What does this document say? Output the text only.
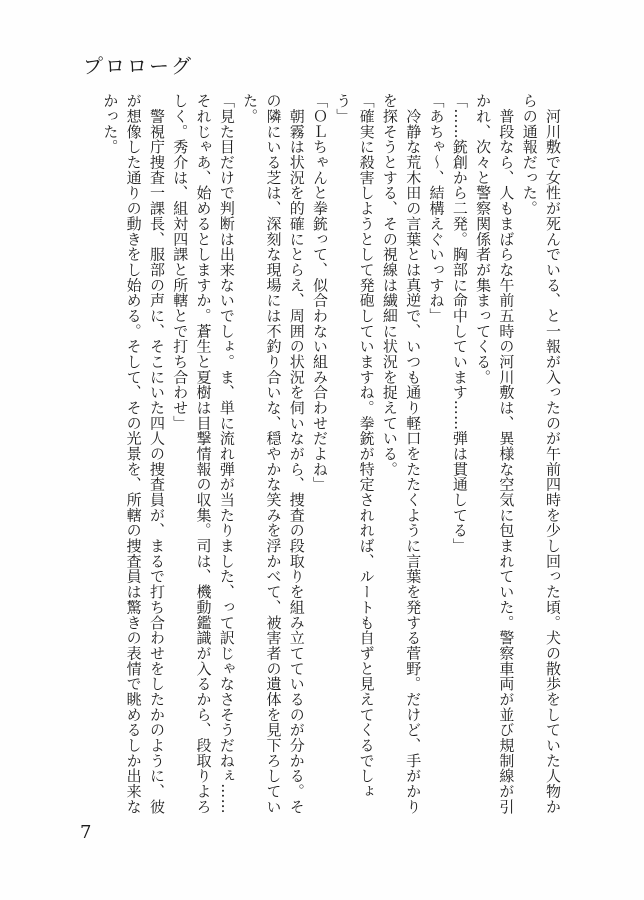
プロローグ

　河川敷で女性が死んでいる、と一報が入ったのが午前四時を少し回った頃。犬の散歩をしていた人物からの通報だった。

　普段なら、人もまばらな午前五時の河川敷は、異様な空気に包まれていた。警察車両が並び規制線が引かれ、次々と警察関係者が集まってくる。

「……銃創から二発。胸部に命中しています……弾は貫通してる」

「あちゃ～、結構えぐいっすね」

　冷静な荒木田の言葉とは真逆で、いつも通り軽口をたたくように言葉を発する菅野。だけど、手がかりを探そうとする、その視線は繊細に状況を捉えている。

「確実に殺害しようとして発砲していますね。拳銃が特定されれば、ルートも自ずと見えてくるでしょう」

「ＯＬちゃんと拳銃って、似合わない組み合わせだよね」

　朝霧は状況を的確にとらえ、周囲の状況を伺いながら、捜査の段取りを組み立てているのが分かる。その隣にいる芝は、深刻な現場には不釣り合いな、穏やかな笑みを浮かべて、被害者の遺体を見下ろしていた。

「見た目だけで判断は出来ないでしょ。ま、単に流れ弾が当たりました、って訳じゃなさそうだねぇ……それじゃあ、始めるとしますか。蒼生と夏樹は目撃情報の収集。司は、機動鑑識が入るから、段取りよろしく。秀介は、組対四課と所轄とで打ち合わせ」

　警視庁捜査一課長、服部の声に、そこにいた四人の捜査員が、まるで打ち合わせをしたかのように、彼が想像した通りの動きをし始める。そして、その光景を、所轄の捜査員は驚きの表情で眺めるしか出来なかった。

7
